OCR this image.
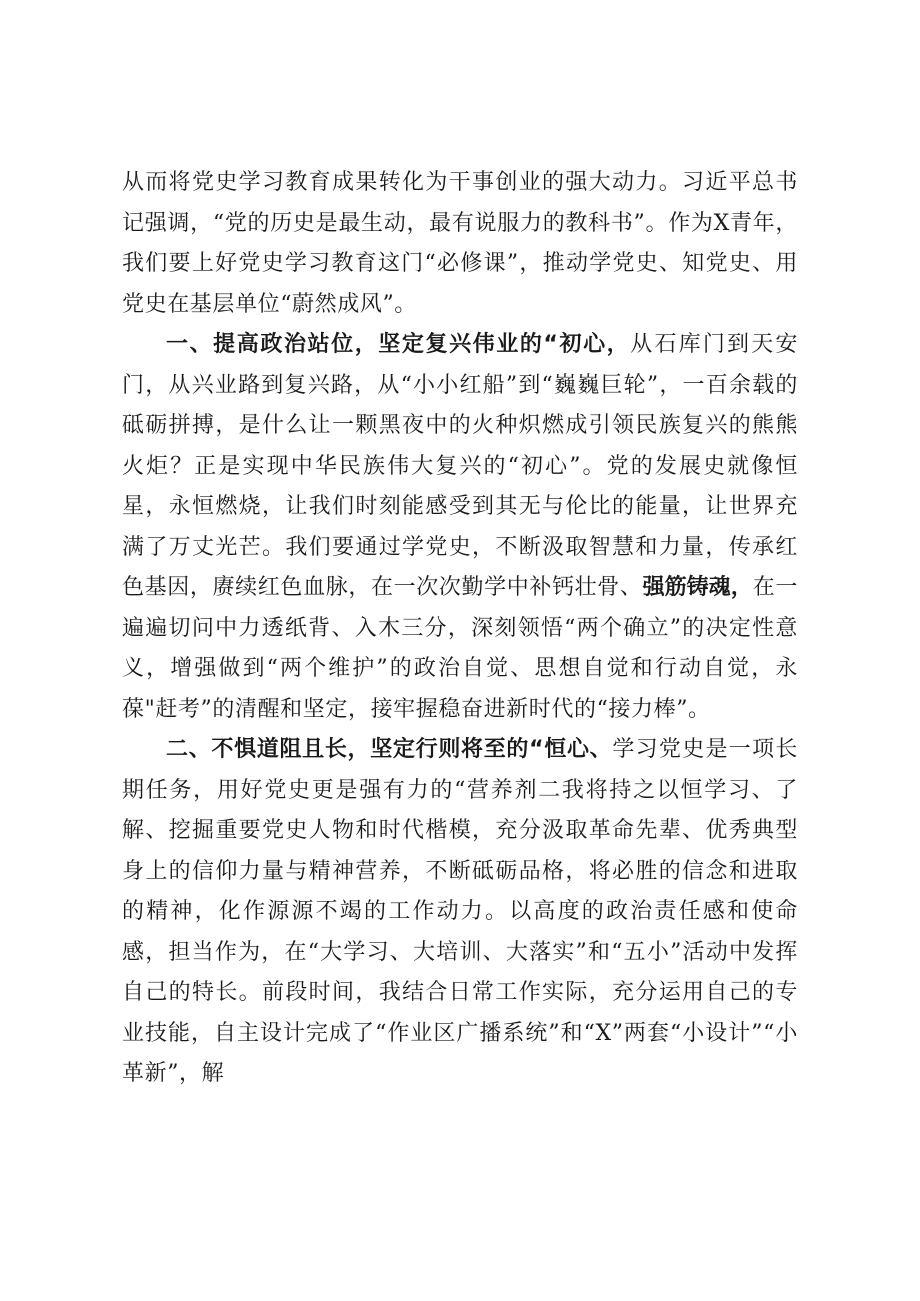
从而将党史学习教育成果转化为干事创业的强大动力。习近平总书记强调，“党的历史是最生动，最有说服力的教科书”。作为X青年，我们要上好党史学习教育这门“必修课”，推动学党史、知党史、用党史在基层单位“蔚然成风”。

一、提高政治站位，坚定复兴伟业的“初心，从石库门到天安门，从兴业路到复兴路，从“小小红船”到“巍巍巨轮”，一百余载的砥砺拼搏，是什么让一颗黑夜中的火种炽燃成引领民族复兴的熊熊火炬？正是实现中华民族伟大复兴的“初心”。党的发展史就像恒星，永恒燃烧，让我们时刻能感受到其无与伦比的能量，让世界充满了万丈光芒。我们要通过学党史，不断汲取智慧和力量，传承红色基因，赓续红色血脉，在一次次勤学中补钙壮骨、强筋铸魂，在一遍遍切问中力透纸背、入木三分，深刻领悟“两个确立”的决定性意义，增强做到“两个维护”的政治自觉、思想自觉和行动自觉，永葆"赶考”的清醒和坚定，接牢握稳奋进新时代的“接力棒”。

二、不惧道阻且长，坚定行则将至的“恒心、学习党史是一项长期任务，用好党史更是强有力的“营养剂二我将持之以恒学习、了解、挖掘重要党史人物和时代楷模，充分汲取革命先辈、优秀典型身上的信仰力量与精神营养，不断砥砺品格，将必胜的信念和进取的精神，化作源源不竭的工作动力。以高度的政治责任感和使命感，担当作为，在“大学习、大培训、大落实”和“五小”活动中发挥自己的特长。前段时间，我结合日常工作实际，充分运用自己的专业技能，自主设计完成了“作业区广播系统”和“X”两套“小设计”“小革新”，解
